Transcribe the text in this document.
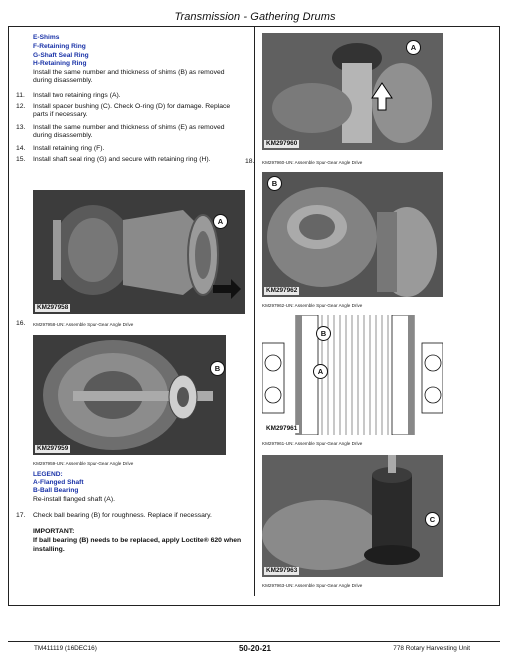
Transmission - Gathering Drums
E-Shims
F-Retaining Ring
G-Shaft Seal Ring
H-Retaining Ring
Install the same number and thickness of shims (B) as removed during disassembly.
11. Install two retaining rings (A).
12. Install spacer bushing (C). Check O-ring (D) for damage. Replace parts if necessary.
13. Install the same number and thickness of shims (E) as removed during disassembly.
14. Install retaining ring (F).
15. Install shaft seal ring (G) and secure with retaining ring (H).
KM297958
A
16. KM297958-UN: Assemble Spur-Gear Angle Drive
KM297959
B
KM297959-UN: Assemble Spur-Gear Angle Drive
LEGEND:
A-Flanged Shaft
B-Ball Bearing
Re-install flanged shaft (A).
17. Check ball bearing (B) for roughness. Replace if necessary.
IMPORTANT:
If ball bearing (B) needs to be replaced, apply Loctite® 620 when installing.
KM297960
A
18. KM297960-UN: Assemble Spur-Gear Angle Drive
KM297962
B
KM297962-UN: Assemble Spur-Gear Angle Drive
KM297961
B
A
KM297961-UN: Assemble Spur-Gear Angle Drive
KM297963
C
KM297963-UN: Assemble Spur-Gear Angle Drive
TM411119 (16DEC16)	50-20-21	778 Rotary Harvesting Unit
